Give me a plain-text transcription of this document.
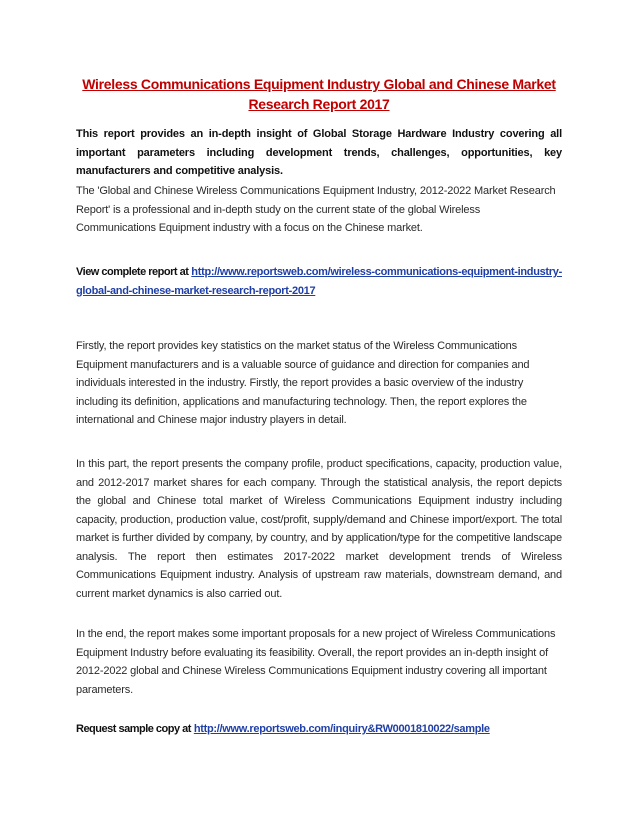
Wireless Communications Equipment Industry Global and Chinese Market Research Report 2017
This report provides an in-depth insight of Global Storage Hardware Industry covering all important parameters including development trends, challenges, opportunities, key manufacturers and competitive analysis.
The 'Global and Chinese Wireless Communications Equipment Industry, 2012-2022 Market Research Report' is a professional and in-depth study on the current state of the global Wireless Communications Equipment industry with a focus on the Chinese market.
View complete report at http://www.reportsweb.com/wireless-communications-equipment-industry-global-and-chinese-market-research-report-2017
Firstly, the report provides key statistics on the market status of the Wireless Communications Equipment manufacturers and is a valuable source of guidance and direction for companies and individuals interested in the industry. Firstly, the report provides a basic overview of the industry including its definition, applications and manufacturing technology. Then, the report explores the international and Chinese major industry players in detail.
In this part, the report presents the company profile, product specifications, capacity, production value, and 2012-2017 market shares for each company. Through the statistical analysis, the report depicts the global and Chinese total market of Wireless Communications Equipment industry including capacity, production, production value, cost/profit, supply/demand and Chinese import/export. The total market is further divided by company, by country, and by application/type for the competitive landscape analysis. The report then estimates 2017-2022 market development trends of Wireless Communications Equipment industry. Analysis of upstream raw materials, downstream demand, and current market dynamics is also carried out.
In the end, the report makes some important proposals for a new project of Wireless Communications Equipment Industry before evaluating its feasibility. Overall, the report provides an in-depth insight of 2012-2022 global and Chinese Wireless Communications Equipment industry covering all important parameters.
Request sample copy at http://www.reportsweb.com/inquiry&RW0001810022/sample
